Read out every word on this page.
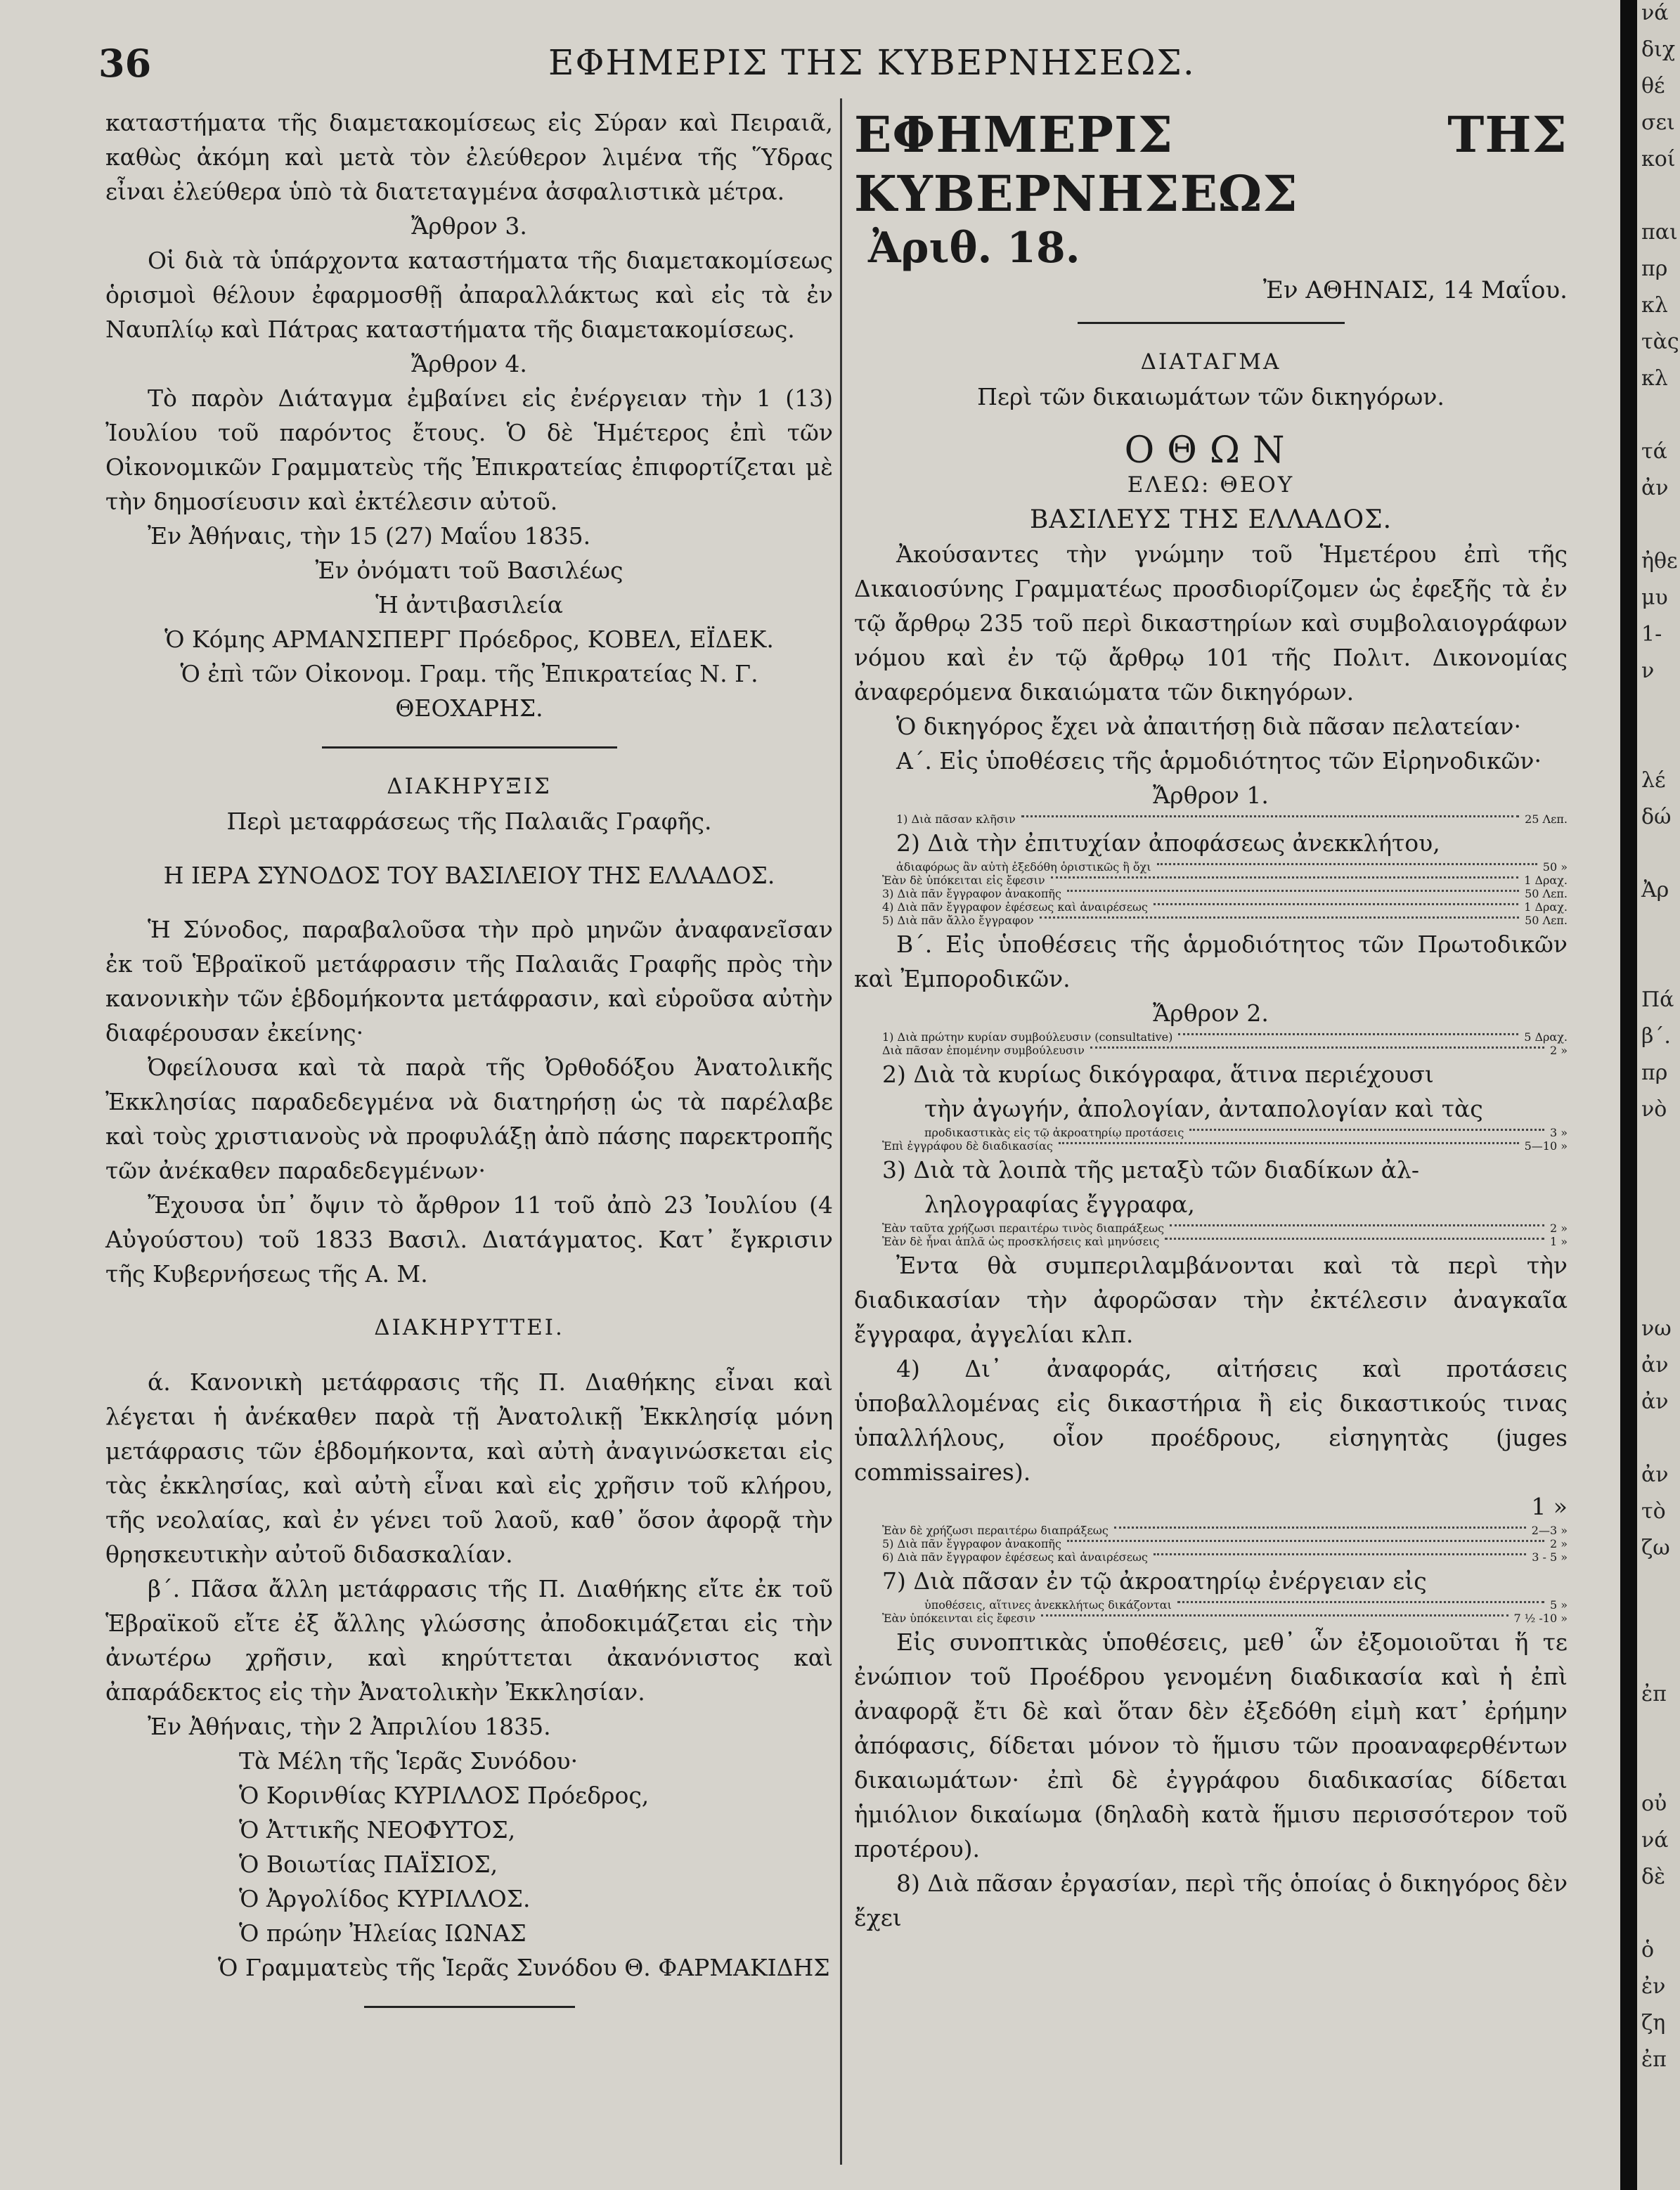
36	ΕΦΗΜΕΡΙΣ ΤΗΣ ΚΥΒΕΡΝΗΣΕΩΣ.

καταστήματα τῆς διαμετακομίσεως εἰς Σύραν καὶ Πειραιᾶ, καθὼς ἀκόμη καὶ μετὰ τὸν ἐλεύθερον λιμένα τῆς Ὕδρας εἶναι ἐλεύθερα ὑπὸ τὰ διατεταγμένα ἀσφαλιστικὰ μέτρα.

Ἄρθρον 3.

Οἱ διὰ τὰ ὑπάρχοντα καταστήματα τῆς διαμετακομίσεως ὁρισμοὶ θέλουν ἐφαρμοσθῇ ἀπαραλλάκτως καὶ εἰς τὰ ἐν Ναυπλίῳ καὶ Πάτρας καταστήματα τῆς διαμετακομίσεως.

Ἄρθρον 4.

Τὸ παρὸν Διάταγμα ἐμβαίνει εἰς ἐνέργειαν τὴν 1 (13) Ἰουλίου τοῦ παρόντος ἔτους. Ὁ δὲ Ἡμέτερος ἐπὶ τῶν Οἰκονομικῶν Γραμματεὺς τῆς Ἐπικρατείας ἐπιφορτίζεται μὲ τὴν δημοσίευσιν καὶ ἐκτέλεσιν αὐτοῦ.

Ἐν Ἀθήναις, τὴν 15 (27) Μαΐου 1835.

Ἐν ὀνόματι τοῦ Βασιλέως

Ἡ ἀντιβασιλεία

Ὁ Κόμης ΑΡΜΑΝΣΠΕΡΓ Πρόεδρος, ΚΟΒΕΛ, ΕΪΔΕΚ.

Ὁ ἐπὶ τῶν Οἰκονομ. Γραμ. τῆς Ἐπικρατείας Ν. Γ. ΘΕΟΧΑΡΗΣ.

ΔΙΑΚΗΡΥΞΙΣ

Περὶ μεταφράσεως τῆς Παλαιᾶς Γραφῆς.

Η ΙΕΡΑ ΣΥΝΟΔΟΣ ΤΟΥ ΒΑΣΙΛΕΙΟΥ ΤΗΣ ΕΛΛΑΔΟΣ.

Ἡ Σύνοδος, παραβαλοῦσα τὴν πρὸ μηνῶν ἀναφανεῖσαν ἐκ τοῦ Ἑβραϊκοῦ μετάφρασιν τῆς Παλαιᾶς Γραφῆς πρὸς τὴν κανονικὴν τῶν ἑβδομήκοντα μετάφρασιν, καὶ εὑροῦσα αὐτὴν διαφέρουσαν ἐκείνης·

Ὀφείλουσα καὶ τὰ παρὰ τῆς Ὀρθοδόξου Ἀνατολικῆς Ἐκκλησίας παραδεδεγμένα νὰ διατηρήσῃ ὡς τὰ παρέλαβε καὶ τοὺς χριστιανοὺς νὰ προφυλάξῃ ἀπὸ πάσης παρεκτροπῆς τῶν ἀνέκαθεν παραδεδεγμένων·

Ἔχουσα ὑπ᾽ ὄψιν τὸ ἄρθρον 11 τοῦ ἀπὸ 23 Ἰουλίου (4 Αὐγούστου) τοῦ 1833 Βασιλ. Διατάγματος. Κατ᾽ ἔγκρισιν τῆς Κυβερνήσεως τῆς Α. Μ.

ΔΙΑΚΗΡΥΤΤΕΙ.

ά. Κανονικὴ μετάφρασις τῆς Π. Διαθήκης εἶναι καὶ λέγεται ἡ ἀνέκαθεν παρὰ τῇ Ἀνατολικῇ Ἐκκλησίᾳ μόνη μετάφρασις τῶν ἑβδομήκοντα, καὶ αὐτὴ ἀναγινώσκεται εἰς τὰς ἐκκλησίας, καὶ αὐτὴ εἶναι καὶ εἰς χρῆσιν τοῦ κλήρου, τῆς νεολαίας, καὶ ἐν γένει τοῦ λαοῦ, καθ᾽ ὅσον ἀφορᾷ τὴν θρησκευτικὴν αὐτοῦ διδασκαλίαν.

β΄. Πᾶσα ἄλλη μετάφρασις τῆς Π. Διαθήκης εἴτε ἐκ τοῦ Ἑβραϊκοῦ εἴτε ἐξ ἄλλης γλώσσης ἀποδοκιμάζεται εἰς τὴν ἀνωτέρω χρῆσιν, καὶ κηρύττεται ἀκανόνιστος καὶ ἀπαράδεκτος εἰς τὴν Ἀνατολικὴν Ἐκκλησίαν.

Ἐν Ἀθήναις, τὴν 2 Ἀπριλίου 1835.

Τὰ Μέλη τῆς Ἱερᾶς Συνόδου·

Ὁ Κορινθίας ΚΥΡΙΛΛΟΣ Πρόεδρος,

Ὁ Ἀττικῆς ΝΕΟΦΥΤΟΣ,

Ὁ Βοιωτίας ΠΑΪΣΙΟΣ,

Ὁ Ἀργολίδος ΚΥΡΙΛΛΟΣ.

Ὁ πρώην Ἠλείας ΙΩΝΑΣ

Ὁ Γραμματεὺς τῆς Ἱερᾶς Συνόδου Θ. ΦΑΡΜΑΚΙΔΗΣ

ΕΦΗΜΕΡΙΣ ΤΗΣ ΚΥΒΕΡΝΗΣΕΩΣ

Ἀριθ. 18.

Ἐν ΑΘΗΝΑΙΣ, 14 Μαΐου.

ΔΙΑΤΑΓΜΑ

Περὶ τῶν δικαιωμάτων τῶν δικηγόρων.

ΟΘΩΝ

ΕΛΕΩ: ΘΕΟΥ

ΒΑΣΙΛΕΥΣ ΤΗΣ ΕΛΛΑΔΟΣ.

Ἀκούσαντες τὴν γνώμην τοῦ Ἡμετέρου ἐπὶ τῆς Δικαιοσύνης Γραμματέως προσδιορίζομεν ὡς ἐφεξῆς τὰ ἐν τῷ ἄρθρῳ 235 τοῦ περὶ δικαστηρίων καὶ συμβολαιογράφων νόμου καὶ ἐν τῷ ἄρθρῳ 101 τῆς Πολιτ. Δικονομίας ἀναφερόμενα δικαιώματα τῶν δικηγόρων.

Ὁ δικηγόρος ἔχει νὰ ἀπαιτήσῃ διὰ πᾶσαν πελατείαν·

Α΄. Εἰς ὑποθέσεις τῆς ἁρμοδιότητος τῶν Εἰρηνοδικῶν·

Ἄρθρον 1.

1) Διὰ πᾶσαν κλῆσιν	25 Λεπ.
2) Διὰ τὴν ἐπιτυχίαν ἀποφάσεως ἀνεκκλήτου,
ἀδιαφόρως ἂν αὐτὴ ἐξεδόθη ὁριστικῶς ἢ ὄχι	50 »
Ἐὰν δὲ ὑπόκειται εἰς ἔφεσιν	1 Δραχ.
3) Διὰ πᾶν ἔγγραφον ἀνακοπῆς	50 Λεπ.
4) Διὰ πᾶν ἔγγραφον ἐφέσεως καὶ ἀναιρέσεως	1 Δραχ.
5) Διὰ πᾶν ἄλλο ἔγγραφον	50 Λεπ.

Β΄. Εἰς ὑποθέσεις τῆς ἁρμοδιότητος τῶν Πρωτοδικῶν καὶ Ἐμποροδικῶν.

Ἄρθρον 2.

1) Διὰ πρώτην κυρίαν συμβούλευσιν (consultative)	5 Δραχ.
Διὰ πᾶσαν ἑπομένην συμβούλευσιν	2 »
2) Διὰ τὰ κυρίως δικόγραφα, ἅτινα περιέχουσι
τὴν ἀγωγήν, ἀπολογίαν, ἀνταπολογίαν καὶ τὰς
προδικαστικὰς εἰς τῷ ἀκροατηρίῳ προτάσεις	3 »
Ἐπὶ ἐγγράφου δὲ διαδικασίας	5—10 »
3) Διὰ τὰ λοιπὰ τῆς μεταξὺ τῶν διαδίκων ἀλ-
ληλογραφίας ἔγγραφα,
Ἐὰν ταῦτα χρήζωσι περαιτέρω τινὸς διαπράξεως	2 »
Ἐὰν δὲ ἦναι ἁπλᾶ ὡς προσκλήσεις καὶ μηνύσεις	1 »

Ἐντα θὰ συμπεριλαμβάνονται καὶ τὰ περὶ τὴν διαδικασίαν τὴν ἀφορῶσαν τὴν ἐκτέλεσιν ἀναγκαῖα ἔγγραφα, ἀγγελίαι κλπ.

4) Δι᾽ ἀναφοράς, αἰτήσεις καὶ προτάσεις ὑποβαλλομένας εἰς δικαστήρια ἢ εἰς δικαστικούς τινας ὑπαλλήλους, οἷον προέδρους, εἰσηγητὰς (juges commissaires).

1 »

Ἐὰν δὲ χρήζωσι περαιτέρω διαπράξεως	2—3 »
5) Διὰ πᾶν ἔγγραφον ἀνακοπῆς	2 »
6) Διὰ πᾶν ἔγγραφον ἐφέσεως καὶ ἀναιρέσεως	3 - 5 »
7) Διὰ πᾶσαν ἐν τῷ ἀκροατηρίῳ ἐνέργειαν εἰς
ὑποθέσεις, αἵτινες ἀνεκκλήτως δικάζονται	5 »
Ἐὰν ὑπόκεινται εἰς ἔφεσιν	7 ½ -10 »

Εἰς συνοπτικὰς ὑποθέσεις, μεθ᾽ ὧν ἐξομοιοῦται ἥ τε ἐνώπιον τοῦ Προέδρου γενομένη διαδικασία καὶ ἡ ἐπὶ ἀναφορᾷ ἔτι δὲ καὶ ὅταν δὲν ἐξεδόθη εἰμὴ κατ᾽ ἐρήμην ἀπόφασις, δίδεται μόνον τὸ ἥμισυ τῶν προαναφερθέντων δικαιωμάτων· ἐπὶ δὲ ἐγγράφου διαδικασίας δίδεται ἡμιόλιον δικαίωμα (δηλαδὴ κατὰ ἥμισυ περισσότερον τοῦ προτέρου).

8) Διὰ πᾶσαν ἐργασίαν, περὶ τῆς ὁποίας ὁ δικηγόρος δὲν ἔχει

νά
διχ
θέ
σει
κοί
παι
πρ
κλ
τὰς
κλ
τά
ἀν
ἠθε
μυ
1-
ν
λέ
δώ
Ἀρ
Πά
β΄.
πρ
νὸ
νω
ἀν
ἀν
ἀν
τὸ
ζω
ἐπ
οὐ
νά
δὲ
ὁ
ἐν
ζη
ἐπ
